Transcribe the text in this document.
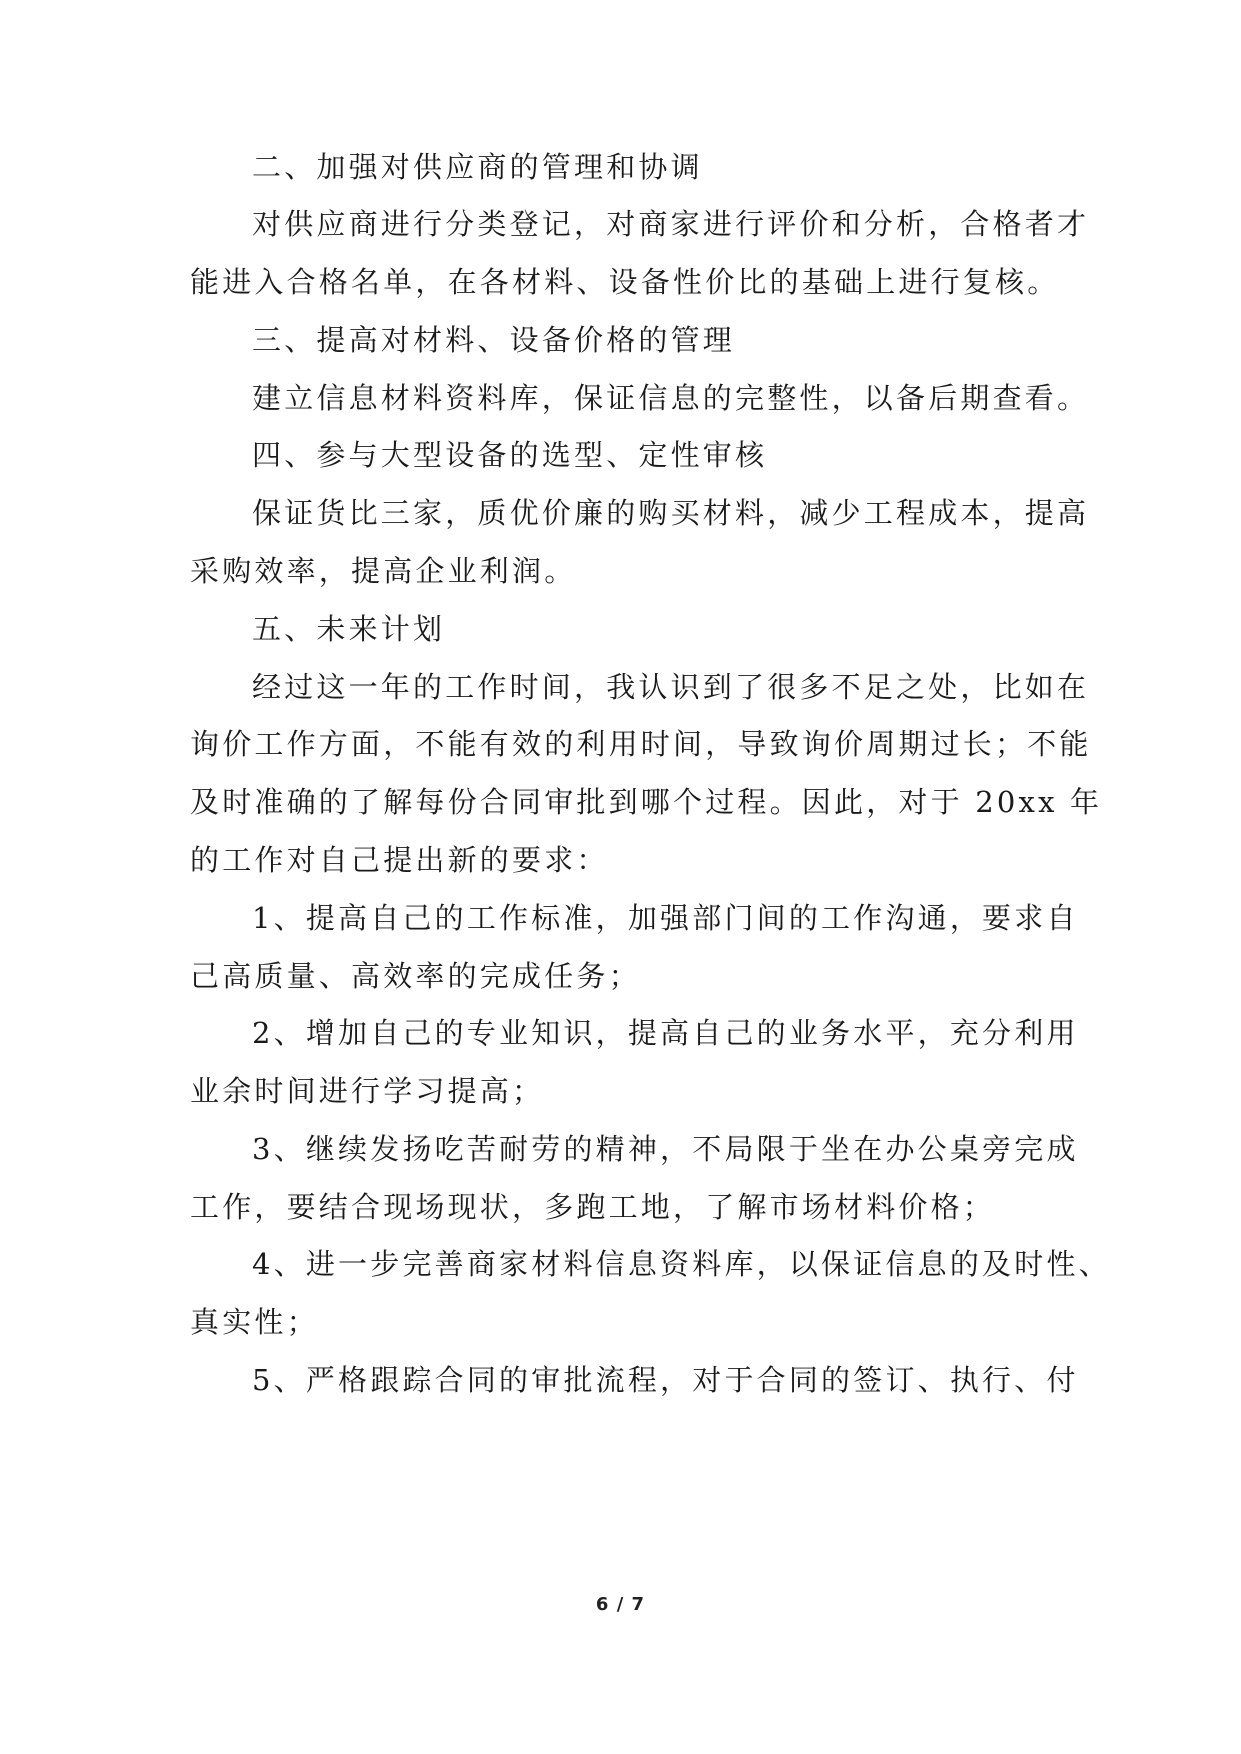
二、加强对供应商的管理和协调

对供应商进行分类登记，对商家进行评价和分析，合格者才

能进入合格名单，在各材料、设备性价比的基础上进行复核。

三、提高对材料、设备价格的管理

建立信息材料资料库，保证信息的完整性，以备后期查看。

四、参与大型设备的选型、定性审核

保证货比三家，质优价廉的购买材料，减少工程成本，提高

采购效率，提高企业利润。

五、未来计划

经过这一年的工作时间，我认识到了很多不足之处，比如在

询价工作方面，不能有效的利用时间，导致询价周期过长；不能

及时准确的了解每份合同审批到哪个过程。因此，对于 20xx 年

的工作对自己提出新的要求：

1、提高自己的工作标准，加强部门间的工作沟通，要求自

己高质量、高效率的完成任务；

2、增加自己的专业知识，提高自己的业务水平，充分利用

业余时间进行学习提高；

3、继续发扬吃苦耐劳的精神，不局限于坐在办公桌旁完成

工作，要结合现场现状，多跑工地，了解市场材料价格；

4、进一步完善商家材料信息资料库，以保证信息的及时性、

真实性；

5、严格跟踪合同的审批流程，对于合同的签订、执行、付

6 / 7
